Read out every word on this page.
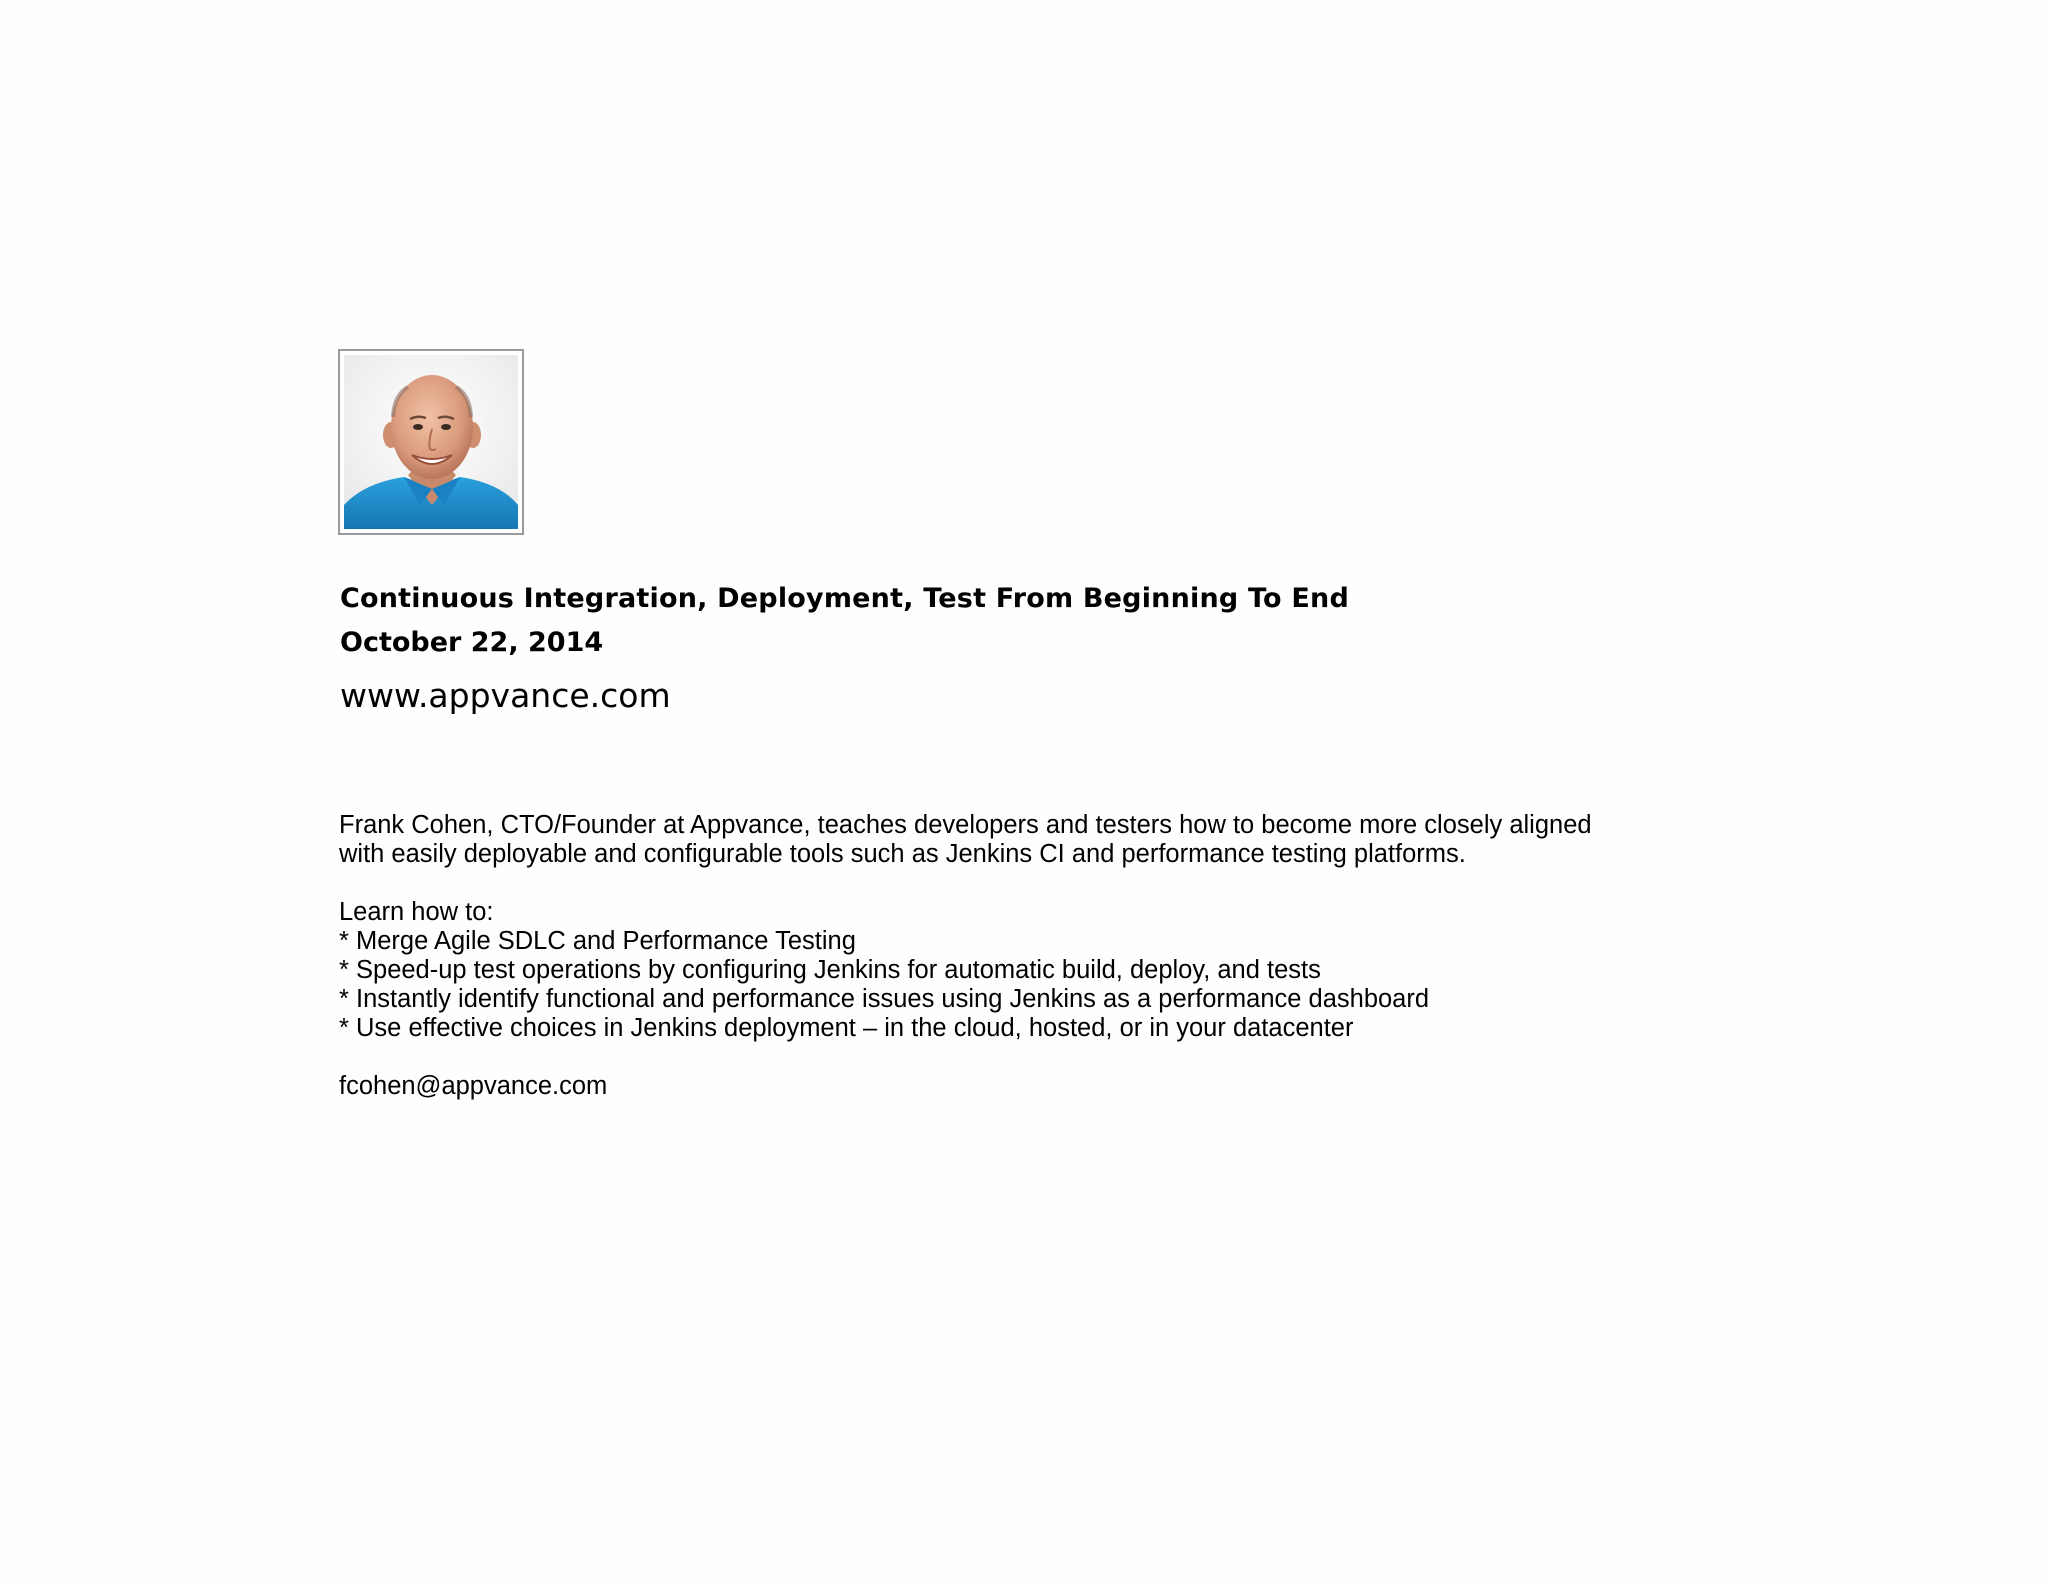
Continuous Integration, Deployment, Test From Beginning To End
October 22, 2014
www.appvance.com

Frank Cohen, CTO/Founder at Appvance, teaches developers and testers how to become more closely aligned

with easily deployable and configurable tools such as Jenkins CI and performance testing platforms.

Learn how to:

* Merge Agile SDLC and Performance Testing

* Speed-up test operations by configuring Jenkins for automatic build, deploy, and tests

* Instantly identify functional and performance issues using Jenkins as a performance dashboard

* Use effective choices in Jenkins deployment – in the cloud, hosted, or in your datacenter

fcohen@appvance.com
